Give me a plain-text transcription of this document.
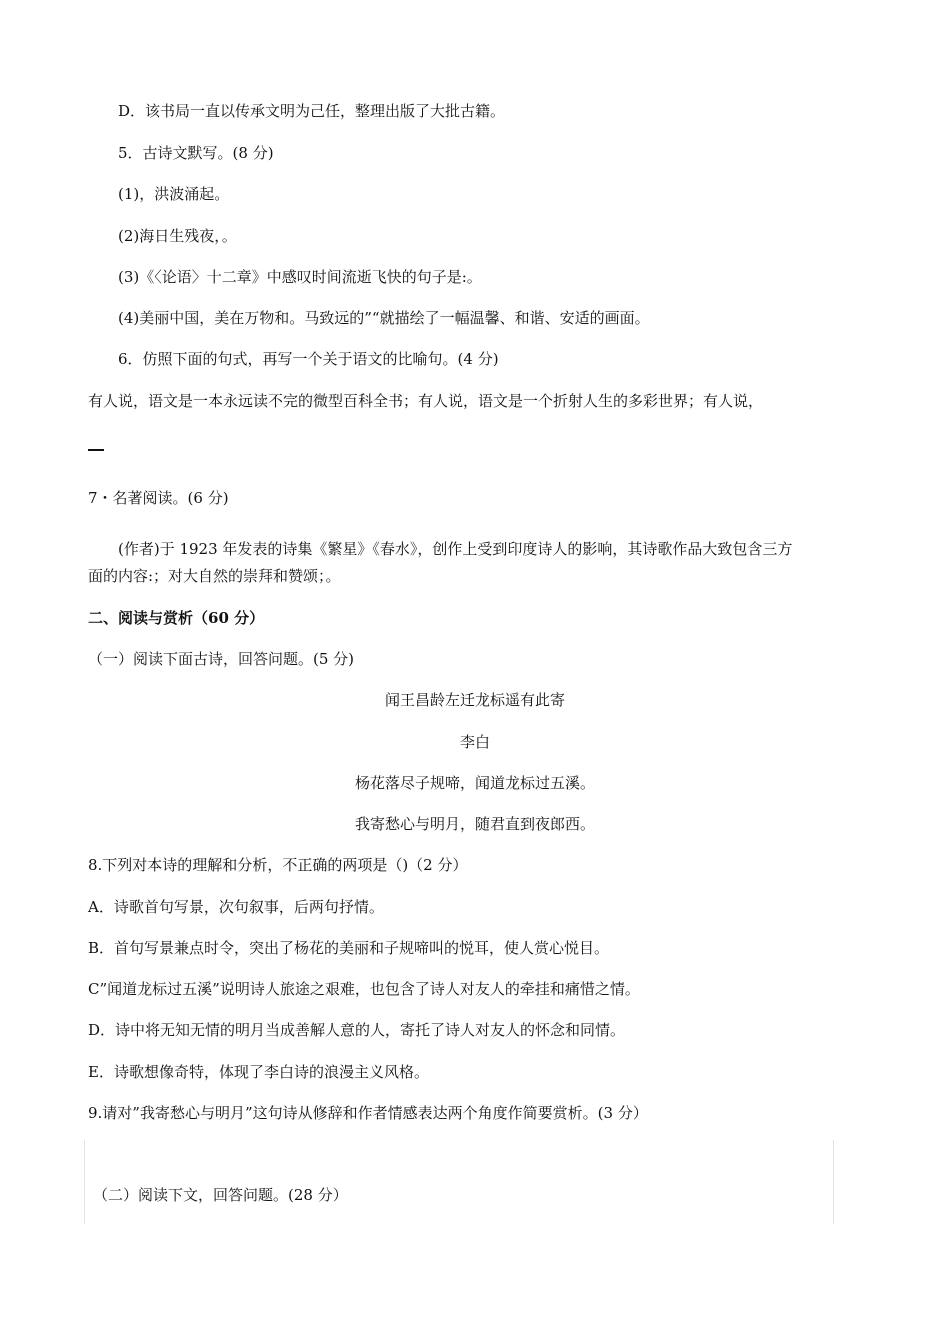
D．该书局一直以传承文明为己任，整理出版了大批古籍。
5．古诗文默写。(8 分)
(1)，洪波涌起。
(2)海日生残夜，。
(3)《〈论语〉十二章》中感叹时间流逝飞快的句子是:。
(4)美丽中国，美在万物和。马致远的”“就描绘了一幅温馨、和谐、安适的画面。
6．仿照下面的句式，再写一个关于语文的比喻句。(4 分)
有人说，语文是一本永远读不完的微型百科全书；有人说，语文是一个折射人生的多彩世界；有人说，
7・名著阅读。(6 分)
(作者)于 1923 年发表的诗集《繁星》《春水》，创作上受到印度诗人的影响，其诗歌作品大致包含三方
面的内容:；对大自然的崇拜和赞颂；。
二、阅读与赏析（60 分）
（一）阅读下面古诗，回答问题。(5 分)
闻王昌龄左迁龙标遥有此寄
李白
杨花落尽子规啼，闻道龙标过五溪。
我寄愁心与明月，随君直到夜郎西。
8.下列对本诗的理解和分析，不正确的两项是（)（2 分）
A．诗歌首句写景，次句叙事，后两句抒情。
B．首句写景兼点时令，突出了杨花的美丽和子规啼叫的悦耳，使人赏心悦目。
C”闻道龙标过五溪”说明诗人旅途之艰难，也包含了诗人对友人的牵挂和痛惜之情。
D．诗中将无知无情的明月当成善解人意的人，寄托了诗人对友人的怀念和同情。
E．诗歌想像奇特，体现了李白诗的浪漫主义风格。
9.请对”我寄愁心与明月”这句诗从修辞和作者情感表达两个角度作简要赏析。(3 分）
（二）阅读下文，回答问题。(28 分）
